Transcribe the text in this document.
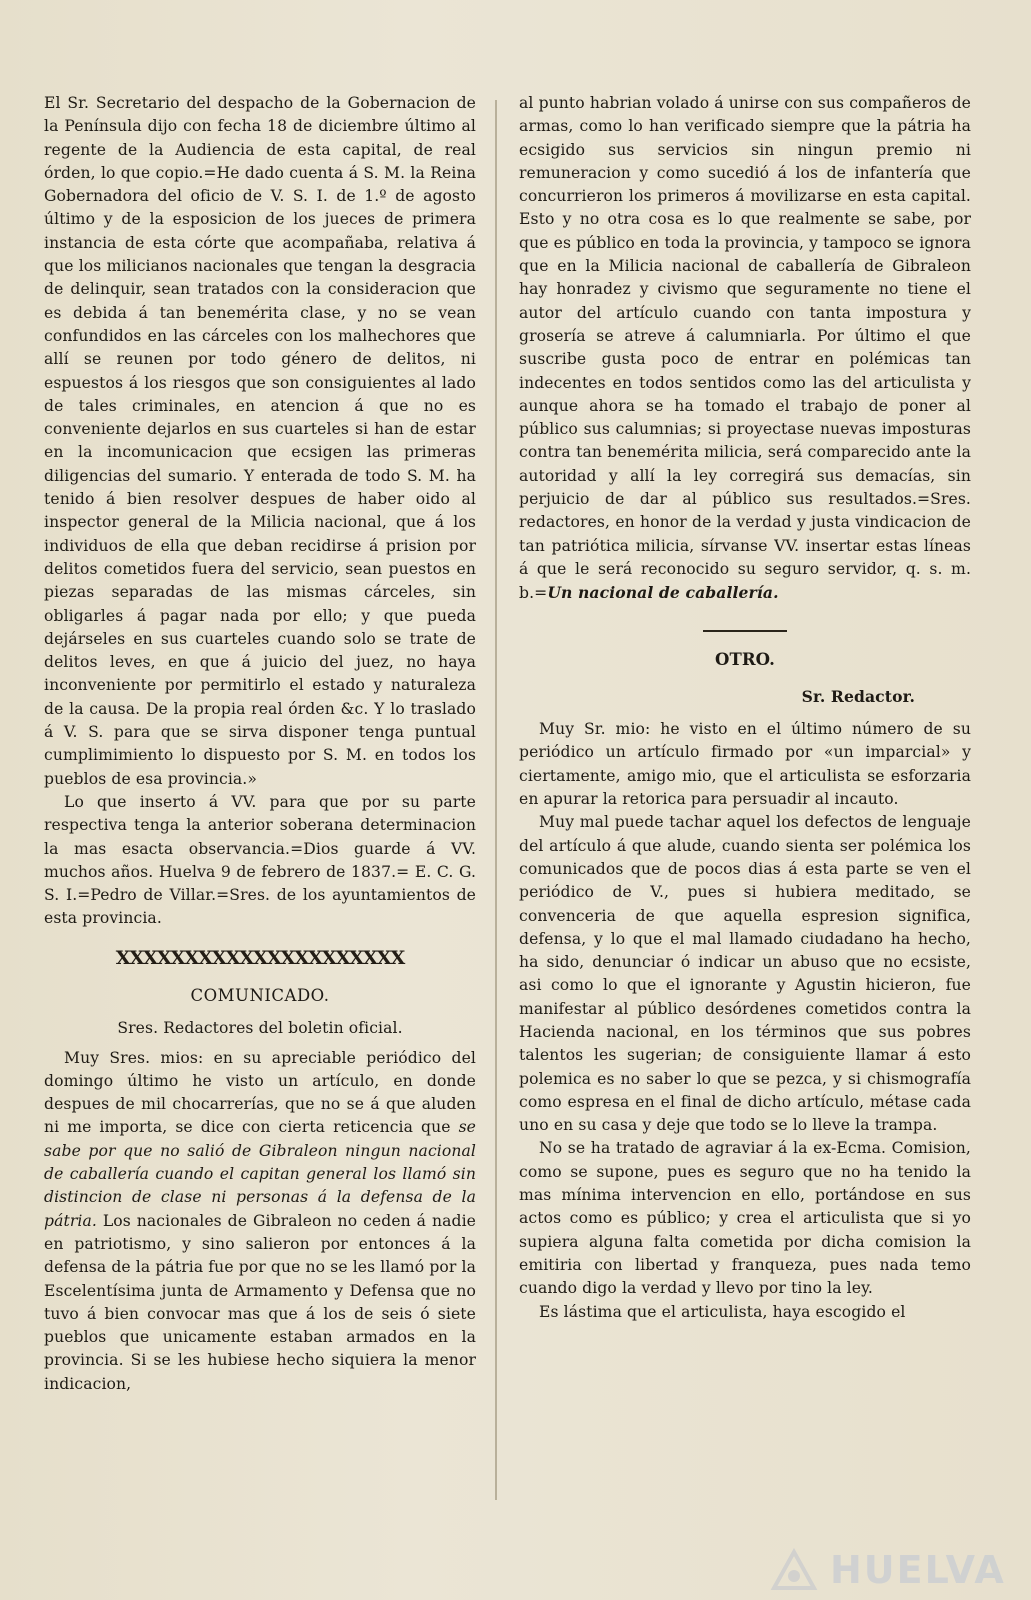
El Sr. Secretario del despacho de la Gobernacion de la Península dijo con fecha 18 de diciembre último al regente de la Audiencia de esta capital, de real órden, lo que copio.=He dado cuenta á S. M. la Reina Gobernadora del oficio de V. S. I. de 1.º de agosto último y de la esposicion de los jueces de primera instancia de esta córte que acompañaba, relativa á que los milicianos nacionales que tengan la desgracia de delinquir, sean tratados con la consideracion que es debida á tan benemérita clase, y no se vean confundidos en las cárceles con los malhechores que allí se reunen por todo género de delitos, ni espuestos á los riesgos que son consiguientes al lado de tales criminales, en atencion á que no es conveniente dejarlos en sus cuarteles si han de estar en la incomunicacion que ecsigen las primeras diligencias del sumario. Y enterada de todo S. M. ha tenido á bien resolver despues de haber oido al inspector general de la Milicia nacional, que á los individuos de ella que deban recidirse á prision por delitos cometidos fuera del servicio, sean puestos en piezas separadas de las mismas cárceles, sin obligarles á pagar nada por ello; y que pueda dejárseles en sus cuarteles cuando solo se trate de delitos leves, en que á juicio del juez, no haya inconveniente por permitirlo el estado y naturaleza de la causa. De la propia real órden &c. Y lo traslado á V. S. para que se sirva disponer tenga puntual cumplimimiento lo dispuesto por S. M. en todos los pueblos de esa provincia.»

Lo que inserto á VV. para que por su parte respectiva tenga la anterior soberana determinacion la mas esacta observancia.=Dios guarde á VV. muchos años. Huelva 9 de febrero de 1837.= E. C. G. S. I.=Pedro de Villar.=Sres. de los ayuntamientos de esta provincia.

XXXXXXXXXXXXXXXXXXXXX
COMUNICADO.
Sres. Redactores del boletin oficial.

Muy Sres. mios: en su apreciable periódico del domingo último he visto un artículo, en donde despues de mil chocarrerías, que no se á que aluden ni me importa, se dice con cierta reticencia que se sabe por que no salió de Gibraleon ningun nacional de caballería cuando el capitan general los llamó sin distincion de clase ni personas á la defensa de la pátria. Los nacionales de Gibraleon no ceden á nadie en patriotismo, y sino salieron por entonces á la defensa de la pátria fue por que no se les llamó por la Escelentísima junta de Armamento y Defensa que no tuvo á bien convocar mas que á los de seis ó siete pueblos que unicamente estaban armados en la provincia. Si se les hubiese hecho siquiera la menor indicacion,

al punto habrian volado á unirse con sus compañeros de armas, como lo han verificado siempre que la pátria ha ecsigido sus servicios sin ningun premio ni remuneracion y como sucedió á los de infantería que concurrieron los primeros á movilizarse en esta capital. Esto y no otra cosa es lo que realmente se sabe, por que es público en toda la provincia, y tampoco se ignora que en la Milicia nacional de caballería de Gibraleon hay honradez y civismo que seguramente no tiene el autor del artículo cuando con tanta impostura y grosería se atreve á calumniarla. Por último el que suscribe gusta poco de entrar en polémicas tan indecentes en todos sentidos como las del articulista y aunque ahora se ha tomado el trabajo de poner al público sus calumnias; si proyectase nuevas imposturas contra tan benemérita milicia, será comparecido ante la autoridad y allí la ley corregirá sus demacías, sin perjuicio de dar al público sus resultados.=Sres. redactores, en honor de la verdad y justa vindicacion de tan patriótica milicia, sírvanse VV. insertar estas líneas á que le será reconocido su seguro servidor, q. s. m. b.=Un nacional de caballería.

OTRO.
Sr. Redactor.

Muy Sr. mio: he visto en el último número de su periódico un artículo firmado por «un imparcial» y ciertamente, amigo mio, que el articulista se esforzaria en apurar la retorica para persuadir al incauto.

Muy mal puede tachar aquel los defectos de lenguaje del artículo á que alude, cuando sienta ser polémica los comunicados que de pocos dias á esta parte se ven el periódico de V., pues si hubiera meditado, se convenceria de que aquella espresion significa, defensa, y lo que el mal llamado ciudadano ha hecho, ha sido, denunciar ó indicar un abuso que no ecsiste, asi como lo que el ignorante y Agustin hicieron, fue manifestar al público desórdenes cometidos contra la Hacienda nacional, en los términos que sus pobres talentos les sugerian; de consiguiente llamar á esto polemica es no saber lo que se pezca, y si chismografía como espresa en el final de dicho artículo, métase cada uno en su casa y deje que todo se lo lleve la trampa.

No se ha tratado de agraviar á la ex-Ecma. Comision, como se supone, pues es seguro que no ha tenido la mas mínima intervencion en ello, portándose en sus actos como es público; y crea el articulista que si yo supiera alguna falta cometida por dicha comision la emitiria con libertad y franqueza, pues nada temo cuando digo la verdad y llevo por tino la ley.

Es lástima que el articulista, haya escogido el

HUELVA
